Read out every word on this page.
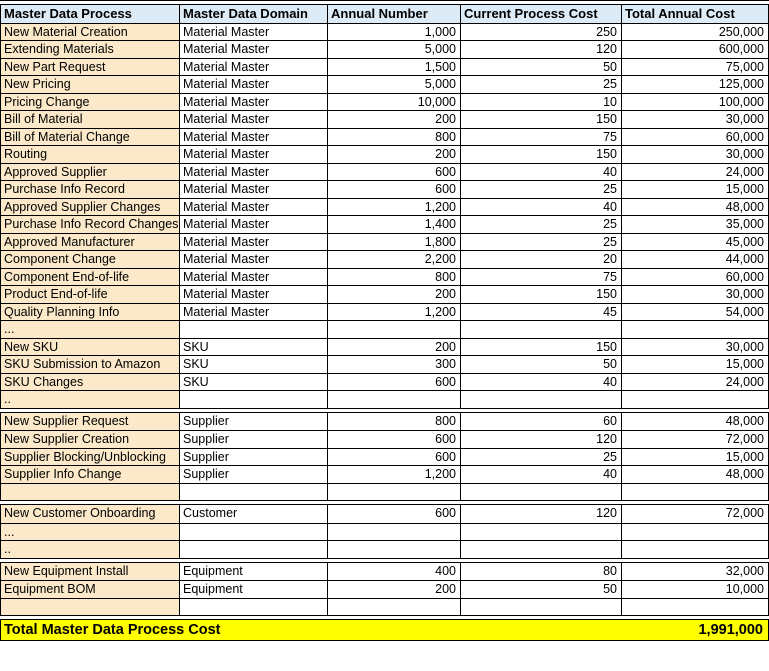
Master Data Process	Master Data Domain	Annual Number	Current Process Cost	Total Annual Cost
New Material Creation	Material Master	1,000	250	250,000
Extending Materials	Material Master	5,000	120	600,000
New Part Request	Material Master	1,500	50	75,000
New Pricing	Material Master	5,000	25	125,000
Pricing Change	Material Master	10,000	10	100,000
Bill of Material	Material Master	200	150	30,000
Bill of Material Change	Material Master	800	75	60,000
Routing	Material Master	200	150	30,000
Approved Supplier	Material Master	600	40	24,000
Purchase Info Record	Material Master	600	25	15,000
Approved Supplier Changes	Material Master	1,200	40	48,000
Purchase Info Record Changes Material Master	1,400	25	35,000
Approved Manufacturer	Material Master	1,800	25	45,000
Component Change	Material Master	2,200	20	44,000
Component End-of-life	Material Master	800	75	60,000
Product End-of-life	Material Master	200	150	30,000
Quality Planning Info	Material Master	1,200	45	54,000
...
New SKU	SKU	200	150	30,000
SKU Submission to Amazon	SKU	300	50	15,000
SKU Changes	SKU	600	40	24,000
..
New Supplier Request	Supplier	800	60	48,000
New Supplier Creation	Supplier	600	120	72,000
Supplier Blocking/Unblocking	Supplier	600	25	15,000
Supplier Info Change	Supplier	1,200	40	48,000
New Customer Onboarding	Customer	600	120	72,000
...
..
New Equipment Install	Equipment	400	80	32,000
Equipment BOM	Equipment	200	50	10,000
Total Master Data Process Cost	1,991,000
